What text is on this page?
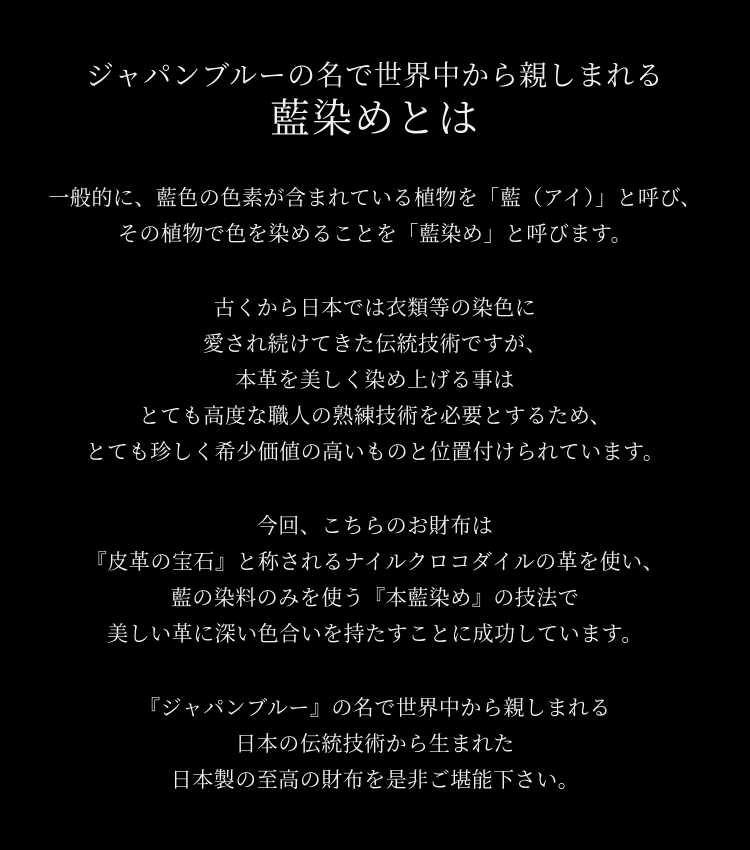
ジャパンブルーの名で世界中から親しまれる
藍染めとは

一般的に、藍色の色素が含まれている植物を「藍（アイ）」と呼び、
その植物で色を染めることを「藍染め」と呼びます。

古くから日本では衣類等の染色に
愛され続けてきた伝統技術ですが、
本革を美しく染め上げる事は
とても高度な職人の熟練技術を必要とするため、
とても珍しく希少価値の高いものと位置付けられています。

今回、こちらのお財布は
『皮革の宝石』と称されるナイルクロコダイルの革を使い、
藍の染料のみを使う『本藍染め』の技法で
美しい革に深い色合いを持たすことに成功しています。

『ジャパンブルー』の名で世界中から親しまれる
日本の伝統技術から生まれた
日本製の至高の財布を是非ご堪能下さい。
